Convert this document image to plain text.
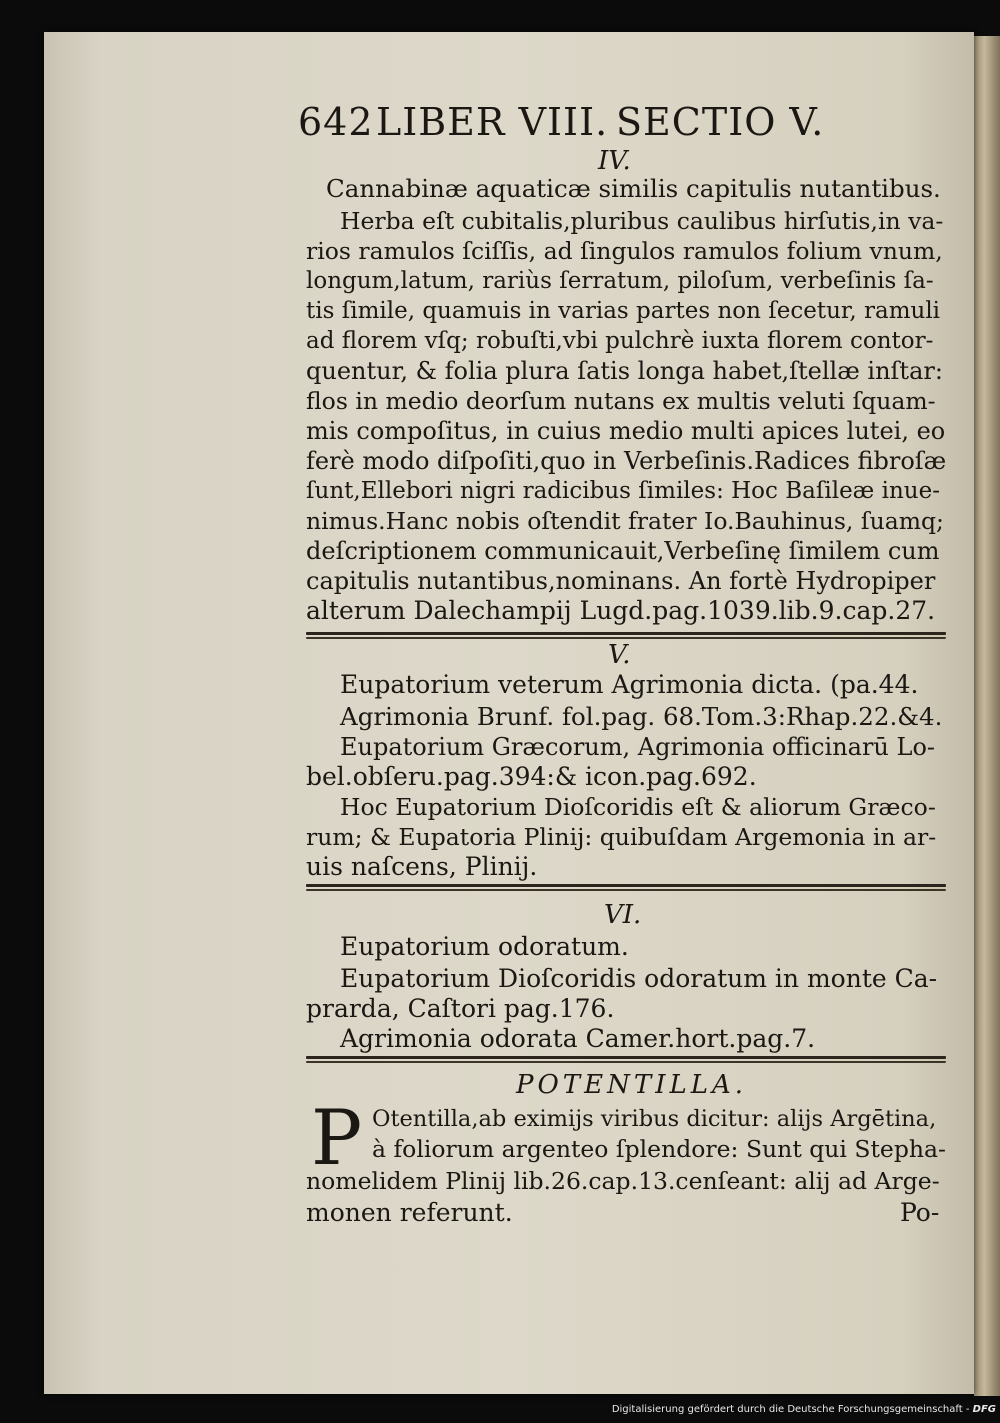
642LIBER VIII. SECTIO V.
IV.
Cannabinæ aquaticæ similis capitulis nutantibus.
Herba eſt cubitalis,pluribus caulibus hirſutis,in va-
rios ramulos ſciſſis, ad ſingulos ramulos folium vnum,
longum,latum, rariùs ſerratum, piloſum, verbeſinis ſa-
tis ſimile, quamuis in varias partes non ſecetur, ramuli
ad florem vſq; robuſti,vbi pulchrè iuxta florem contor-
quentur, & folia plura ſatis longa habet,ſtellæ inſtar:
flos in medio deorſum nutans ex multis veluti ſquam-
mis compoſitus, in cuius medio multi apices lutei, eo
ferè modo diſpoſiti,quo in Verbeſinis.Radices fibroſæ
ſunt,Ellebori nigri radicibus ſimiles: Hoc Baſileæ inue-
nimus.Hanc nobis oſtendit frater Io.Bauhinus, ſuamq;
deſcriptionem communicauit,Verbeſinę ſimilem cum
capitulis nutantibus,nominans. An fortè Hydropiper
alterum Dalechampij Lugd.pag.1039.lib.9.cap.27.
V.
Eupatorium veterum Agrimonia dicta. (pa.44.
Agrimonia Brunf. fol.pag. 68.Tom.3:Rhap.22.&4.
Eupatorium Græcorum, Agrimonia officinarū Lo-
bel.obſeru.pag.394:& icon.pag.692.
Hoc Eupatorium Dioſcoridis eſt & aliorum Græco-
rum; & Eupatoria Plinij: quibuſdam Argemonia in ar-
uis naſcens, Plinij.
VI.
Eupatorium odoratum.
Eupatorium Dioſcoridis odoratum in monte Ca-
prarda, Caſtori pag.176.
Agrimonia odorata Camer.hort.pag.7.
POTENTILLA.
P Otentilla,ab eximijs viribus dicitur: alijs Argētina,
à foliorum argenteo ſplendore: Sunt qui Stepha-
nomelidem Plinij lib.26.cap.13.cenſeant: alij ad Arge-
monen referunt.	Po-
Digitalisierung gefördert durch die Deutsche Forschungsgemeinschaft - DFG
